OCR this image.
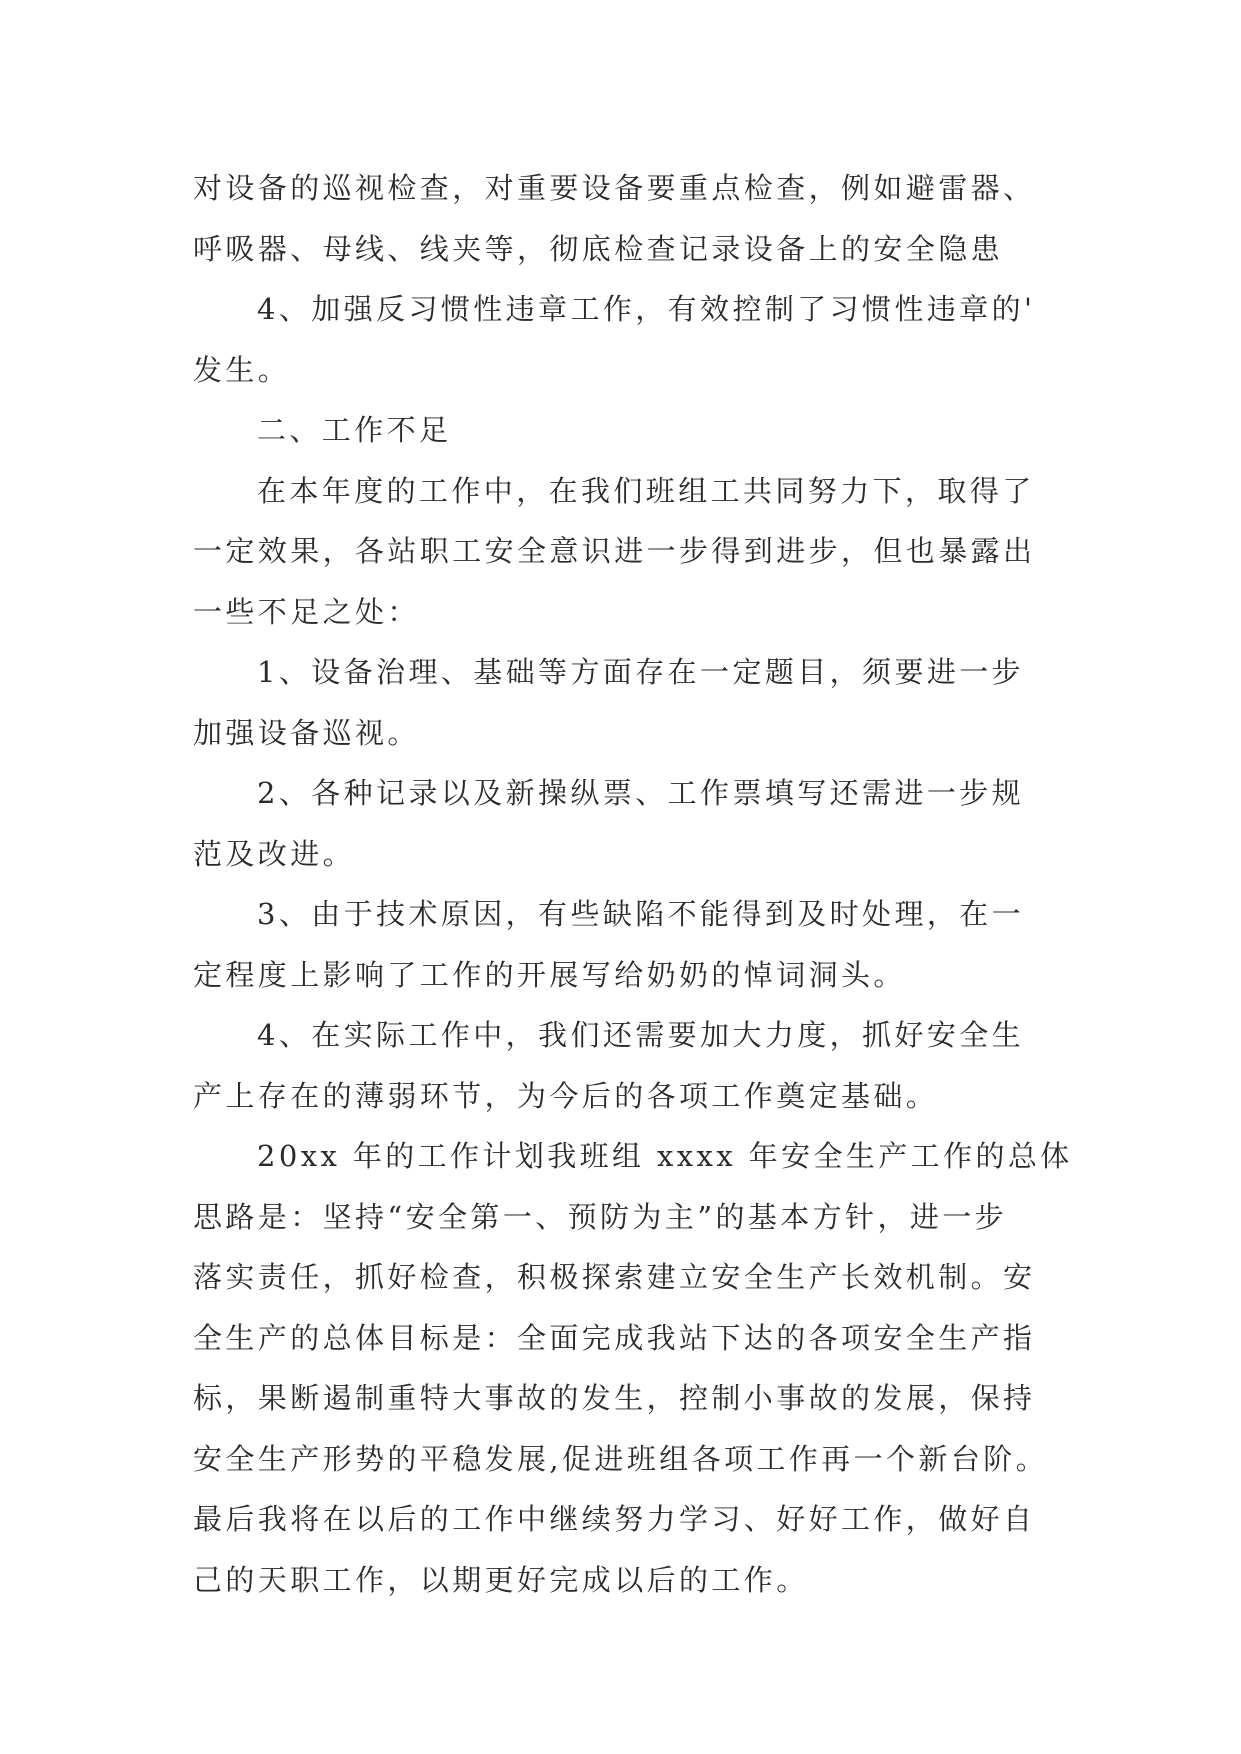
对设备的巡视检查，对重要设备要重点检查，例如避雷器、
呼吸器、母线、线夹等，彻底检查记录设备上的安全隐患
4、加强反习惯性违章工作，有效控制了习惯性违章的'
发生。
二、工作不足
在本年度的工作中，在我们班组工共同努力下，取得了
一定效果，各站职工安全意识进一步得到进步，但也暴露出
一些不足之处：
1、设备治理、基础等方面存在一定题目，须要进一步
加强设备巡视。
2、各种记录以及新操纵票、工作票填写还需进一步规
范及改进。
3、由于技术原因，有些缺陷不能得到及时处理，在一
定程度上影响了工作的开展写给奶奶的悼词洞头。
4、在实际工作中，我们还需要加大力度，抓好安全生
产上存在的薄弱环节，为今后的各项工作奠定基础。
20xx 年的工作计划我班组 xxxx 年安全生产工作的总体
思路是：坚持“安全第一、预防为主”的基本方针，进一步
落实责任，抓好检查，积极探索建立安全生产长效机制。安
全生产的总体目标是：全面完成我站下达的各项安全生产指
标，果断遏制重特大事故的发生，控制小事故的发展，保持
安全生产形势的平稳发展,促进班组各项工作再一个新台阶。
最后我将在以后的工作中继续努力学习、好好工作，做好自
己的天职工作，以期更好完成以后的工作。
